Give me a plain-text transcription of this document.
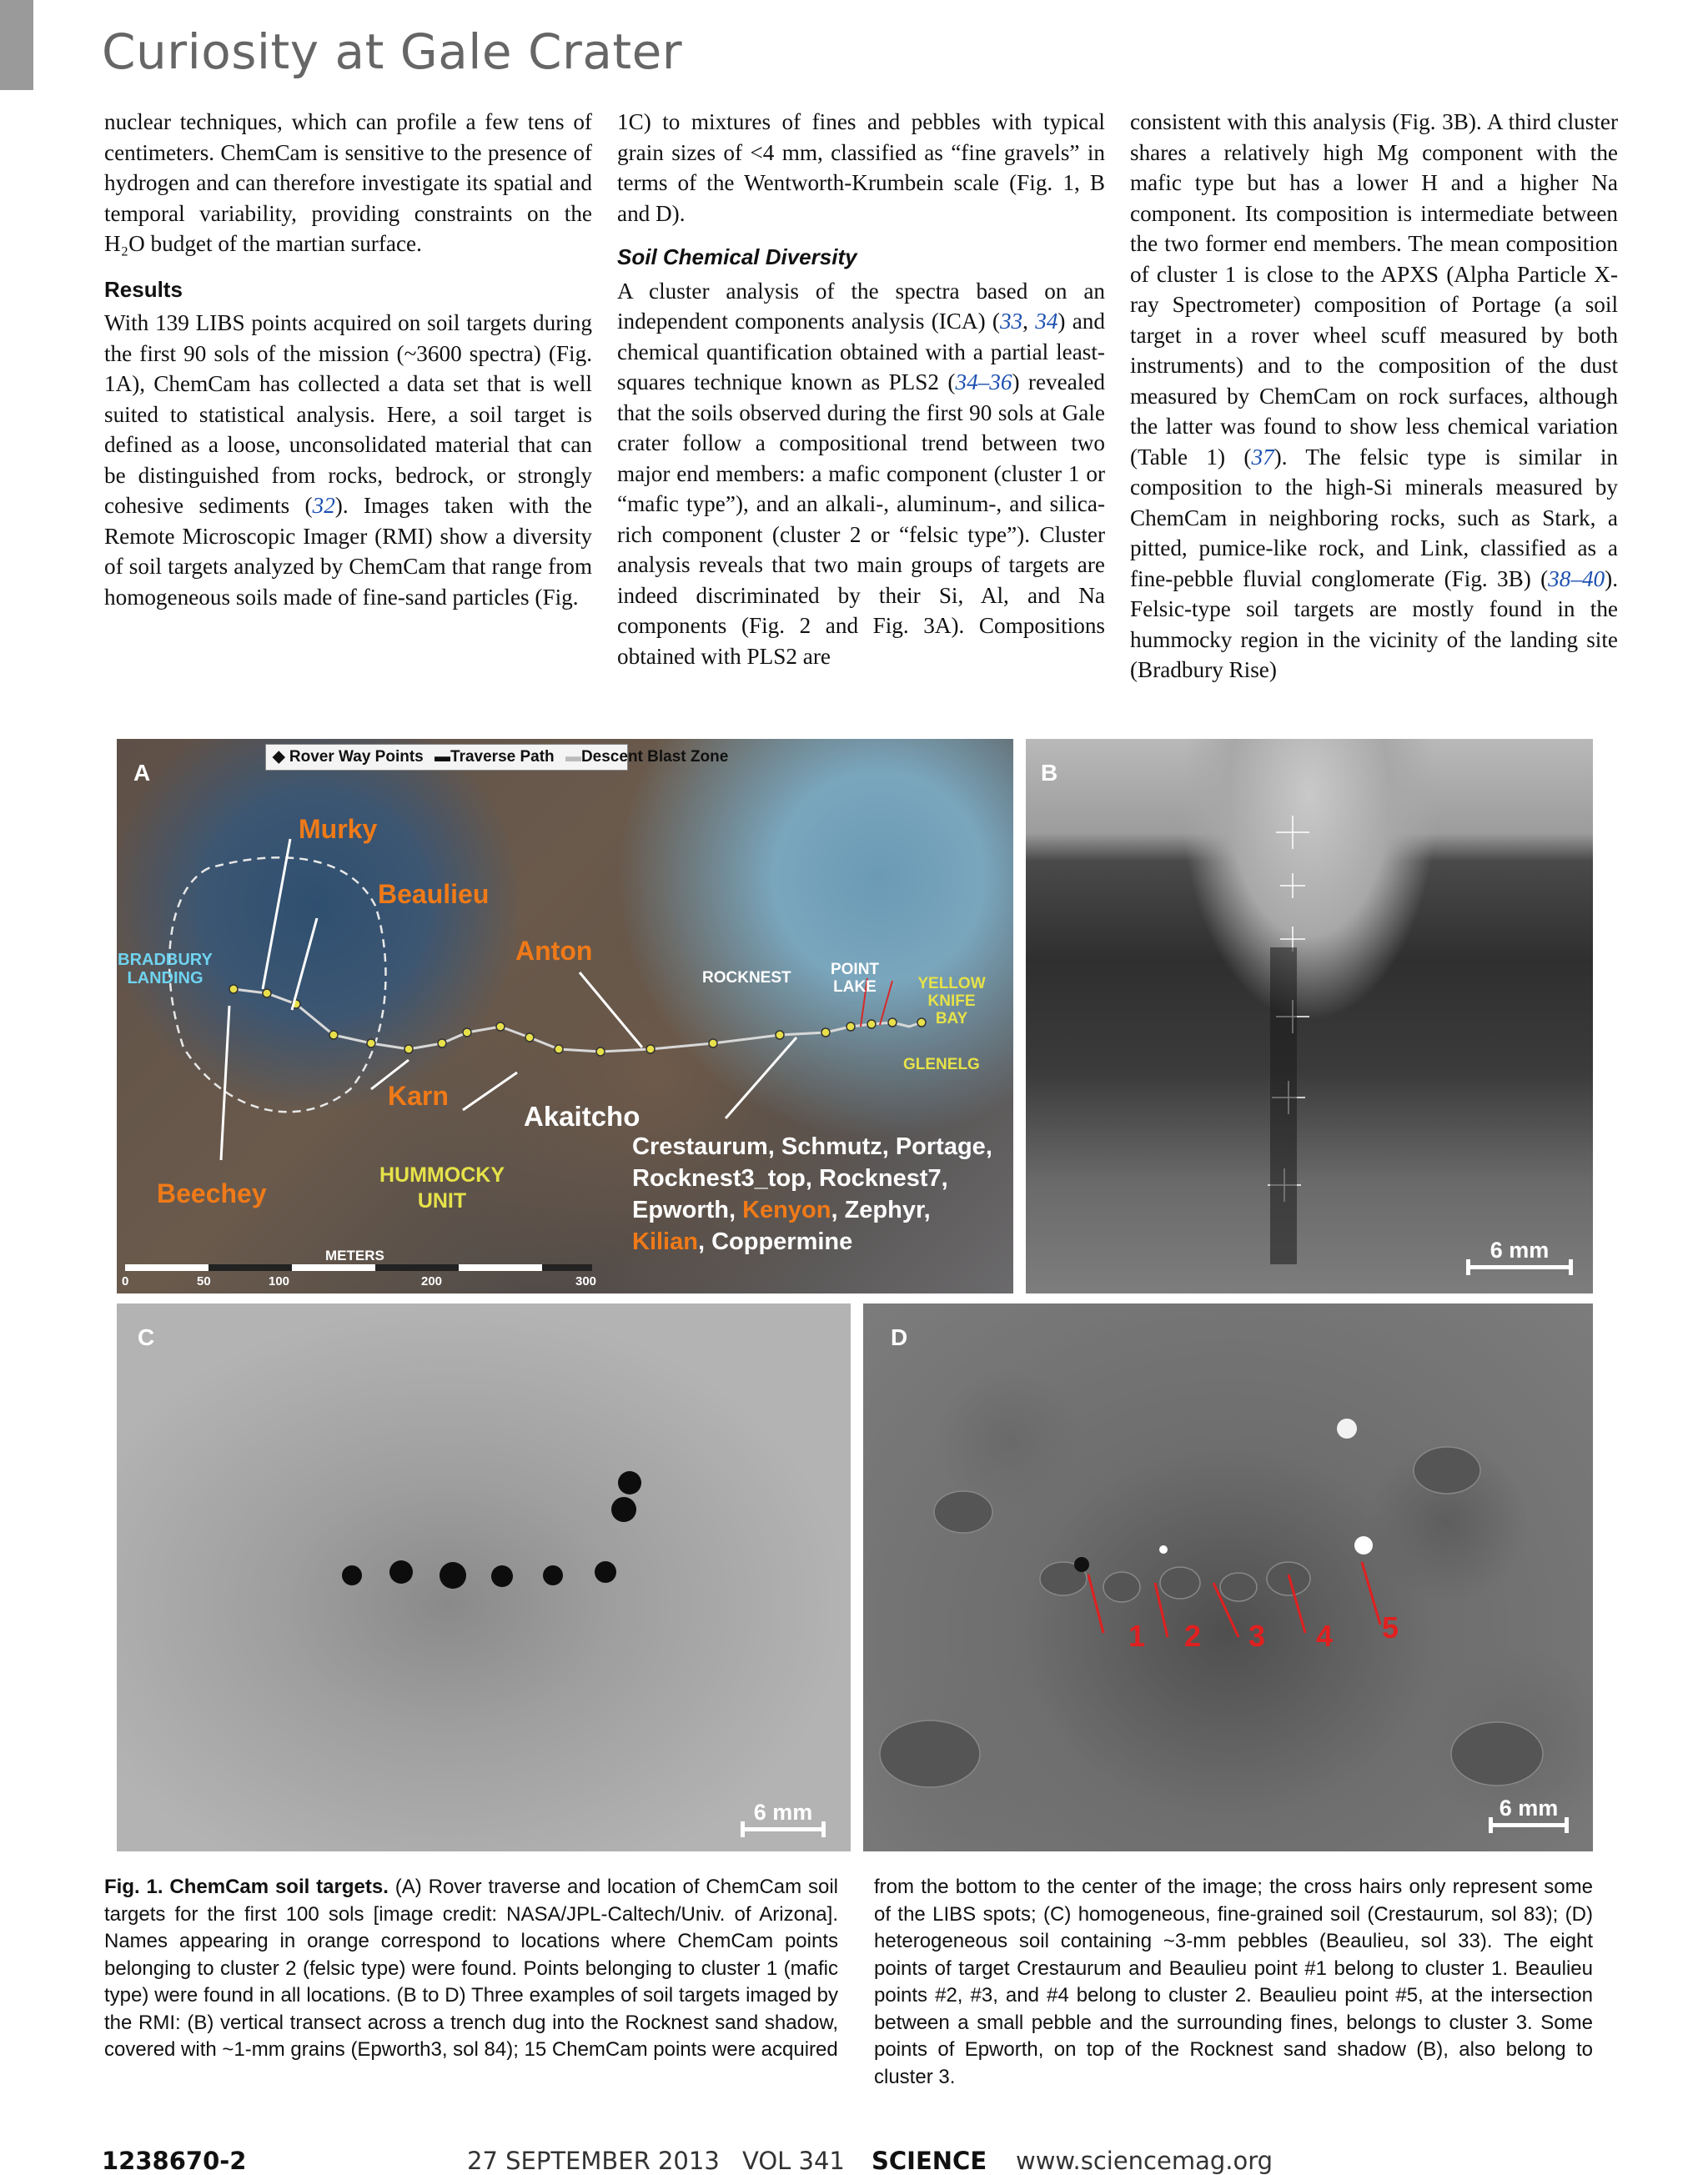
Curiosity at Gale Crater

nuclear techniques, which can profile a few tens of centimeters. ChemCam is sensitive to the presence of hydrogen and can therefore investigate its spatial and temporal variability, providing constraints on the H₂O budget of the martian surface.

Results

With 139 LIBS points acquired on soil targets during the first 90 sols of the mission (~3600 spectra) (Fig. 1A), ChemCam has collected a data set that is well suited to statistical analysis. Here, a soil target is defined as a loose, unconsolidated material that can be distinguished from rocks, bedrock, or strongly cohesive sediments (32). Images taken with the Remote Microscopic Imager (RMI) show a diversity of soil targets analyzed by ChemCam that range from homogeneous soils made of fine-sand particles (Fig.

1C) to mixtures of fines and pebbles with typical grain sizes of <4 mm, classified as “fine gravels” in terms of the Wentworth-Krumbein scale (Fig. 1, B and D).

Soil Chemical Diversity

A cluster analysis of the spectra based on an independent components analysis (ICA) (33, 34) and chemical quantification obtained with a partial least-squares technique known as PLS2 (34–36) revealed that the soils observed during the first 90 sols at Gale crater follow a compositional trend between two major end members: a mafic component (cluster 1 or “mafic type”), and an alkali-, aluminum-, and silica-rich component (cluster 2 or “felsic type”). Cluster analysis reveals that two main groups of targets are indeed discriminated by their Si, Al, and Na components (Fig. 2 and Fig. 3A). Compositions obtained with PLS2 are

consistent with this analysis (Fig. 3B). A third cluster shares a relatively high Mg component with the mafic type but has a lower H and a higher Na component. Its composition is intermediate between the two former end members. The mean composition of cluster 1 is close to the APXS (Alpha Particle X-ray Spectrometer) composition of Portage (a soil target in a rover wheel scuff measured by both instruments) and to the composition of the dust measured by ChemCam on rock surfaces, although the latter was found to show less chemical variation (Table 1) (37). The felsic type is similar in composition to the high-Si minerals measured by ChemCam in neighboring rocks, such as Stark, a pitted, pumice-like rock, and Link, classified as a fine-pebble fluvial conglomerate (Fig. 3B) (38–40). Felsic-type soil targets are mostly found in the hummocky region in the vicinity of the landing site (Bradbury Rise)

◆ Rover Way Points ▬Traverse Path ▬Descent Blast Zone
A
Murky
Beaulieu
Anton
BRADBURY LANDING	ROCKNEST POINT LAKE	YELLOW KNIFE BAY
GLENELG
Karn
Akaitcho
Beechey
HUMMOCKY UNIT
Crestaurum, Schmutz, Portage,
Rocknest3_top, Rocknest7,
Epworth, Kenyon, Zephyr,
Kilian, Coppermine
METERS
0	50	100	200	300
B
6 mm
C
6 mm
1 2 3 4 5
D
6 mm
Fig. 1. ChemCam soil targets. (A) Rover traverse and location of ChemCam soil targets for the first 100 sols [image credit: NASA/JPL-Caltech/Univ. of Arizona]. Names appearing in orange correspond to locations where ChemCam points belonging to cluster 2 (felsic type) were found. Points belonging to cluster 1 (mafic type) were found in all locations. (B to D) Three examples of soil targets imaged by the RMI: (B) vertical transect across a trench dug into the Rocknest sand shadow, covered with ~1-mm grains (Epworth3, sol 84); 15 ChemCam points were acquired
from the bottom to the center of the image; the cross hairs only represent some of the LIBS spots; (C) homogeneous, fine-grained soil (Crestaurum, sol 83); (D) heterogeneous soil containing ~3-mm pebbles (Beaulieu, sol 33). The eight points of target Crestaurum and Beaulieu point #1 belong to cluster 1. Beaulieu points #2, #3, and #4 belong to cluster 2. Beaulieu point #5, at the intersection between a small pebble and the surrounding fines, belongs to cluster 3. Some points of Epworth, on top of the Rocknest sand shadow (B), also belong to cluster 3.
1238670-2	27 SEPTEMBER 2013 VOL 341 SCIENCE www.sciencemag.org
